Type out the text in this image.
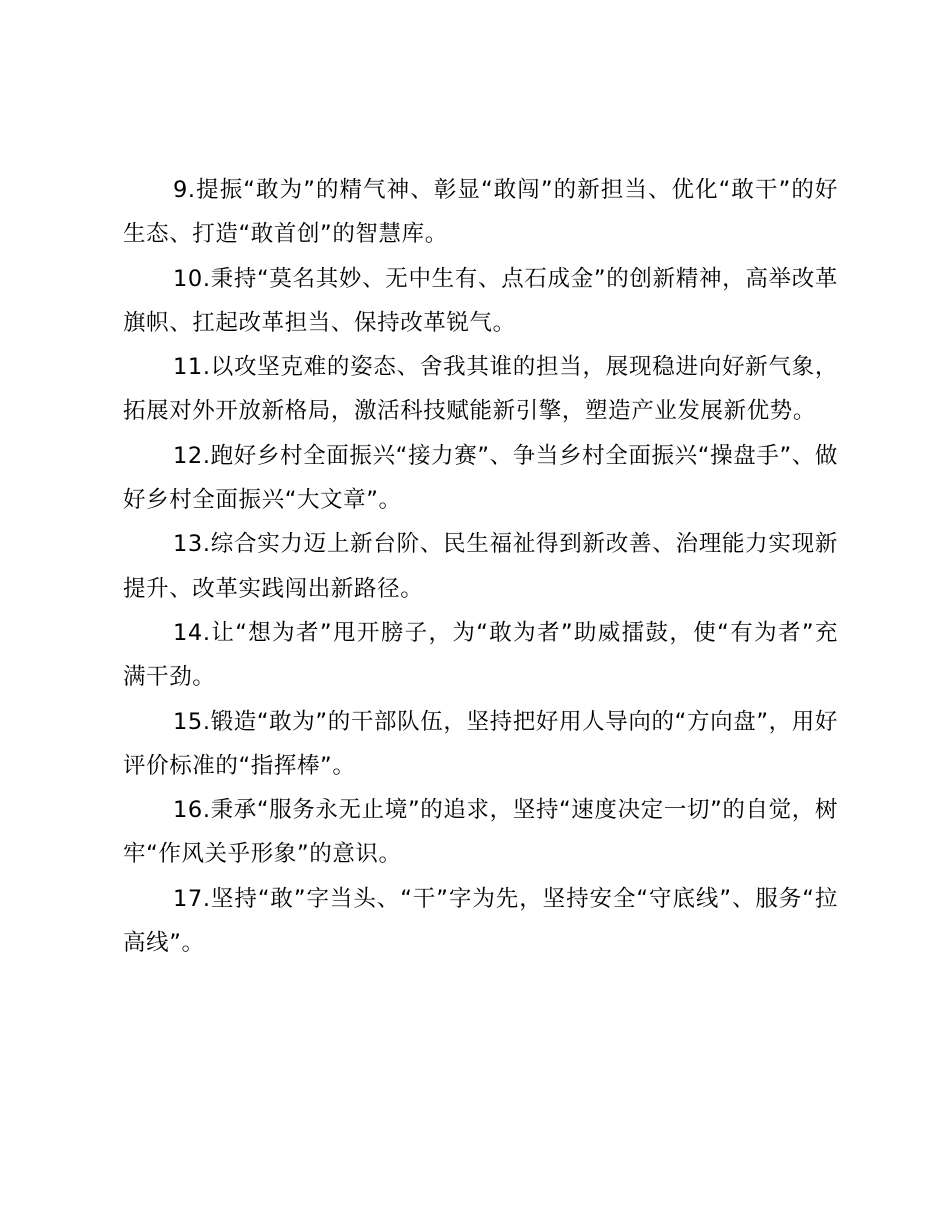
9.提振“敢为”的精气神、彰显“敢闯”的新担当、优化“敢干”的好生态、打造“敢首创”的智慧库。

10.秉持“莫名其妙、无中生有、点石成金”的创新精神，高举改革旗帜、扛起改革担当、保持改革锐气。

11.以攻坚克难的姿态、舍我其谁的担当，展现稳进向好新气象，拓展对外开放新格局，激活科技赋能新引擎，塑造产业发展新优势。

12.跑好乡村全面振兴“接力赛”、争当乡村全面振兴“操盘手”、做好乡村全面振兴“大文章”。

13.综合实力迈上新台阶、民生福祉得到新改善、治理能力实现新提升、改革实践闯出新路径。

14.让“想为者”甩开膀子，为“敢为者”助威擂鼓，使“有为者”充满干劲。

15.锻造“敢为”的干部队伍，坚持把好用人导向的“方向盘”，用好评价标准的“指挥棒”。

16.秉承“服务永无止境”的追求，坚持“速度决定一切”的自觉，树牢“作风关乎形象”的意识。

17.坚持“敢”字当头、“干”字为先，坚持安全“守底线”、服务“拉高线”。
